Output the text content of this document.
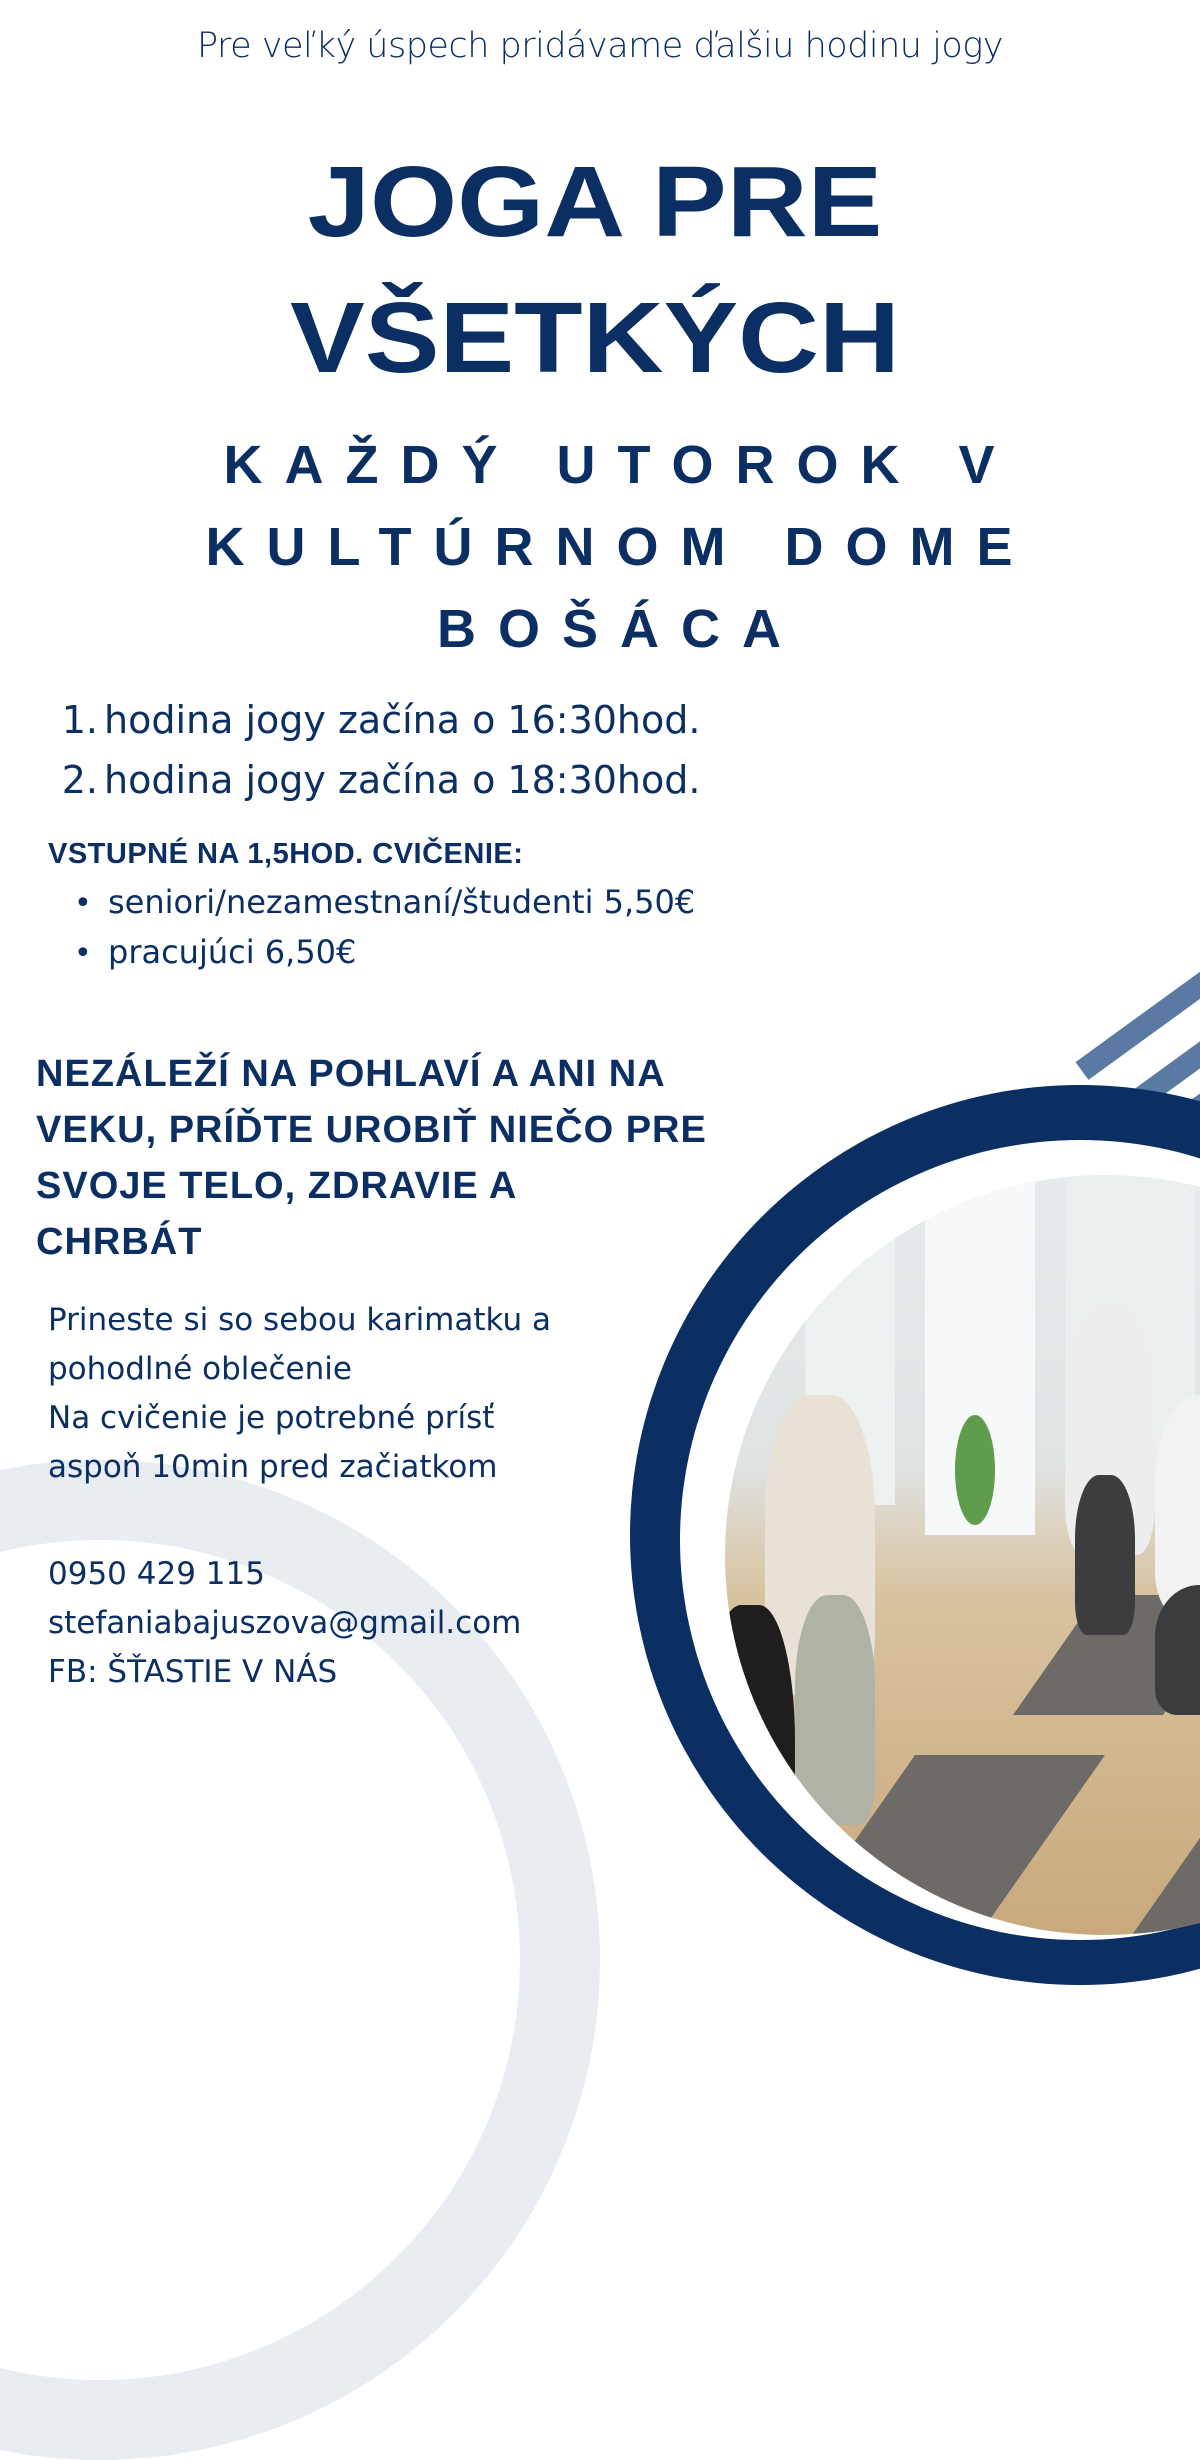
Pre veľký úspech pridávame ďalšiu hodinu jogy
JOGA PRE
VŠETKÝCH
KAŽDÝ UTOROK V
KULTÚRNOM DOME
BOŠÁCA
1. hodina jogy začína o 16:30hod.
2. hodina jogy začína o 18:30hod.
VSTUPNÉ NA 1,5HOD. CVIČENIE:
• seniori/nezamestnaní/študenti 5,50€
• pracujúci 6,50€
NEZÁLEŽÍ NA POHLAVÍ A ANI NA
VEKU, PRÍĎTE UROBIŤ NIEČO PRE
SVOJE TELO, ZDRAVIE A
CHRBÁT
Prineste si so sebou karimatku a
pohodlné oblečenie
Na cvičenie je potrebné prísť
aspoň 10min pred začiatkom
0950 429 115
stefaniabajuszova@gmail.com
FB: ŠŤASTIE V NÁS
